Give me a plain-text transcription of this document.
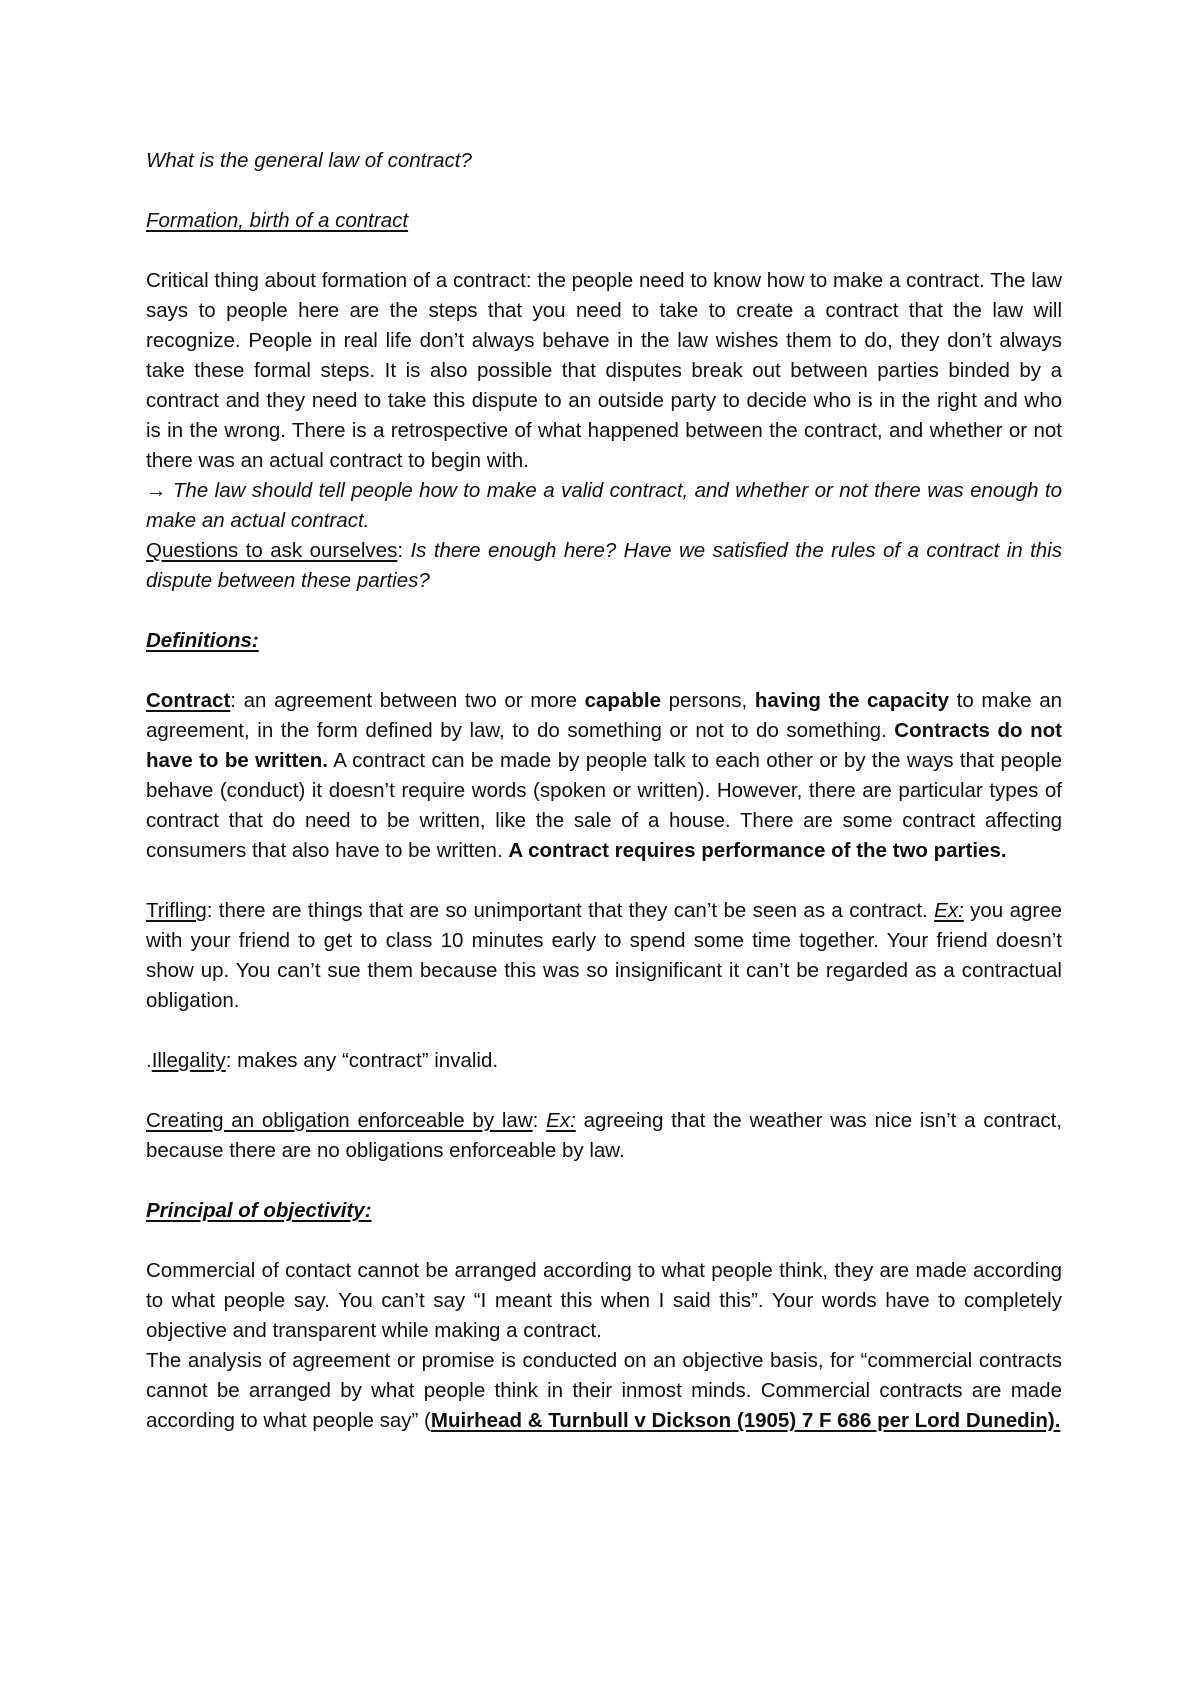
What is the general law of contract?

Formation, birth of a contract

Critical thing about formation of a contract: the people need to know how to make a contract. The law says to people here are the steps that you need to take to create a contract that the law will recognize. People in real life don’t always behave in the law wishes them to do, they don’t always take these formal steps. It is also possible that disputes break out between parties binded by a contract and they need to take this dispute to an outside party to decide who is in the right and who is in the wrong. There is a retrospective of what happened between the contract, and whether or not there was an actual contract to begin with.

→ The law should tell people how to make a valid contract, and whether or not there was enough to make an actual contract.

Questions to ask ourselves: Is there enough here? Have we satisfied the rules of a contract in this dispute between these parties?

Definitions:

Contract: an agreement between two or more capable persons, having the capacity to make an agreement, in the form defined by law, to do something or not to do something. Contracts do not have to be written. A contract can be made by people talk to each other or by the ways that people behave (conduct) it doesn’t require words (spoken or written). However, there are particular types of contract that do need to be written, like the sale of a house. There are some contract affecting consumers that also have to be written. A contract requires performance of the two parties.

Trifling: there are things that are so unimportant that they can’t be seen as a contract. Ex: you agree with your friend to get to class 10 minutes early to spend some time together. Your friend doesn’t show up. You can’t sue them because this was so insignificant it can’t be regarded as a contractual obligation.

.Illegality: makes any “contract” invalid.

Creating an obligation enforceable by law: Ex: agreeing that the weather was nice isn’t a contract, because there are no obligations enforceable by law.

Principal of objectivity:

Commercial of contact cannot be arranged according to what people think, they are made according to what people say. You can’t say “I meant this when I said this”. Your words have to completely objective and transparent while making a contract.

The analysis of agreement or promise is conducted on an objective basis, for “commercial contracts cannot be arranged by what people think in their inmost minds. Commercial contracts are made according to what people say” (Muirhead & Turnbull v Dickson (1905) 7 F 686 per Lord Dunedin).
